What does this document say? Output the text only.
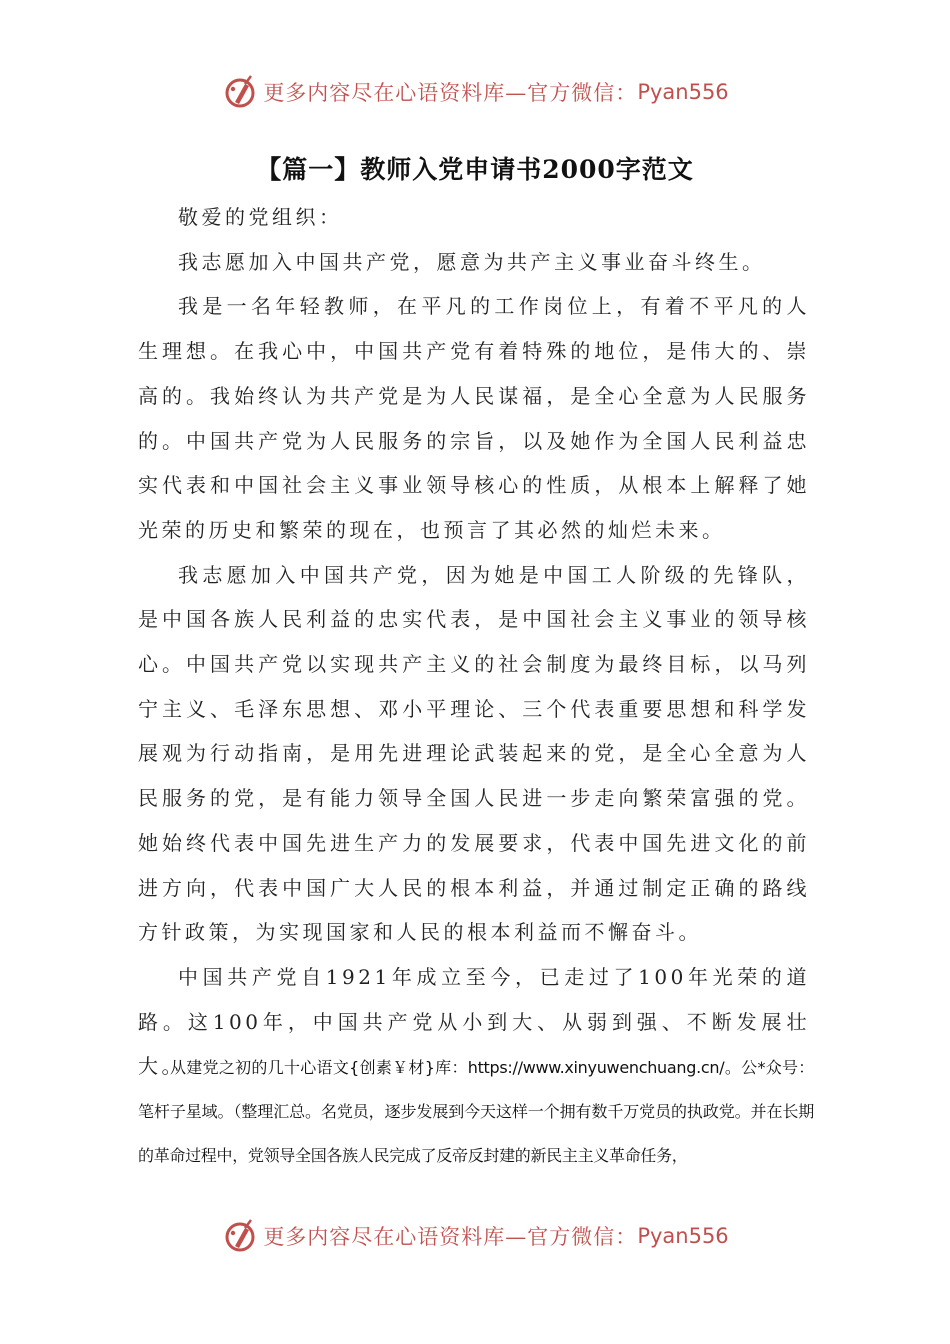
更多内容尽在心语资料库—官方微信： Pyan556
【篇一】教师入党申请书2000字范文

敬爱的党组织：

我志愿加入中国共产党，愿意为共产主义事业奋斗终生。

我是一名年轻教师，在平凡的工作岗位上，有着不平凡的人生理想。在我心中，中国共产党有着特殊的地位，是伟大的、崇高的。我始终认为共产党是为人民谋福，是全心全意为人民服务的。中国共产党为人民服务的宗旨，以及她作为全国人民利益忠实代表和中国社会主义事业领导核心的性质，从根本上解释了她光荣的历史和繁荣的现在，也预言了其必然的灿烂未来。

我志愿加入中国共产党，因为她是中国工人阶级的先锋队，是中国各族人民利益的忠实代表，是中国社会主义事业的领导核心。中国共产党以实现共产主义的社会制度为最终目标，以马列宁主义、毛泽东思想、邓小平理论、三个代表重要思想和科学发展观为行动指南，是用先进理论武装起来的党，是全心全意为人民服务的党，是有能力领导全国人民进一步走向繁荣富强的党。她始终代表中国先进生产力的发展要求，代表中国先进文化的前进方向，代表中国广大人民的根本利益，并通过制定正确的路线方针政策，为实现国家和人民的根本利益而不懈奋斗。

中国共产党自1921年成立至今，已走过了100年光荣的道路。这100年，中国共产党从小到大、从弱到强、不断发展壮大。

从建党之初的几十心语文{创素￥材}库：https://www.xinyuwenchuang.cn/。公*众号：笔杆子星域。（整理汇总。名党员，逐步发展到今天这样一个拥有数千万党员的执政党。并在长期的革命过程中，党领导全国各族人民完成了反帝反封建的新民主主义革命任务，

更多内容尽在心语资料库—官方微信： Pyan556
